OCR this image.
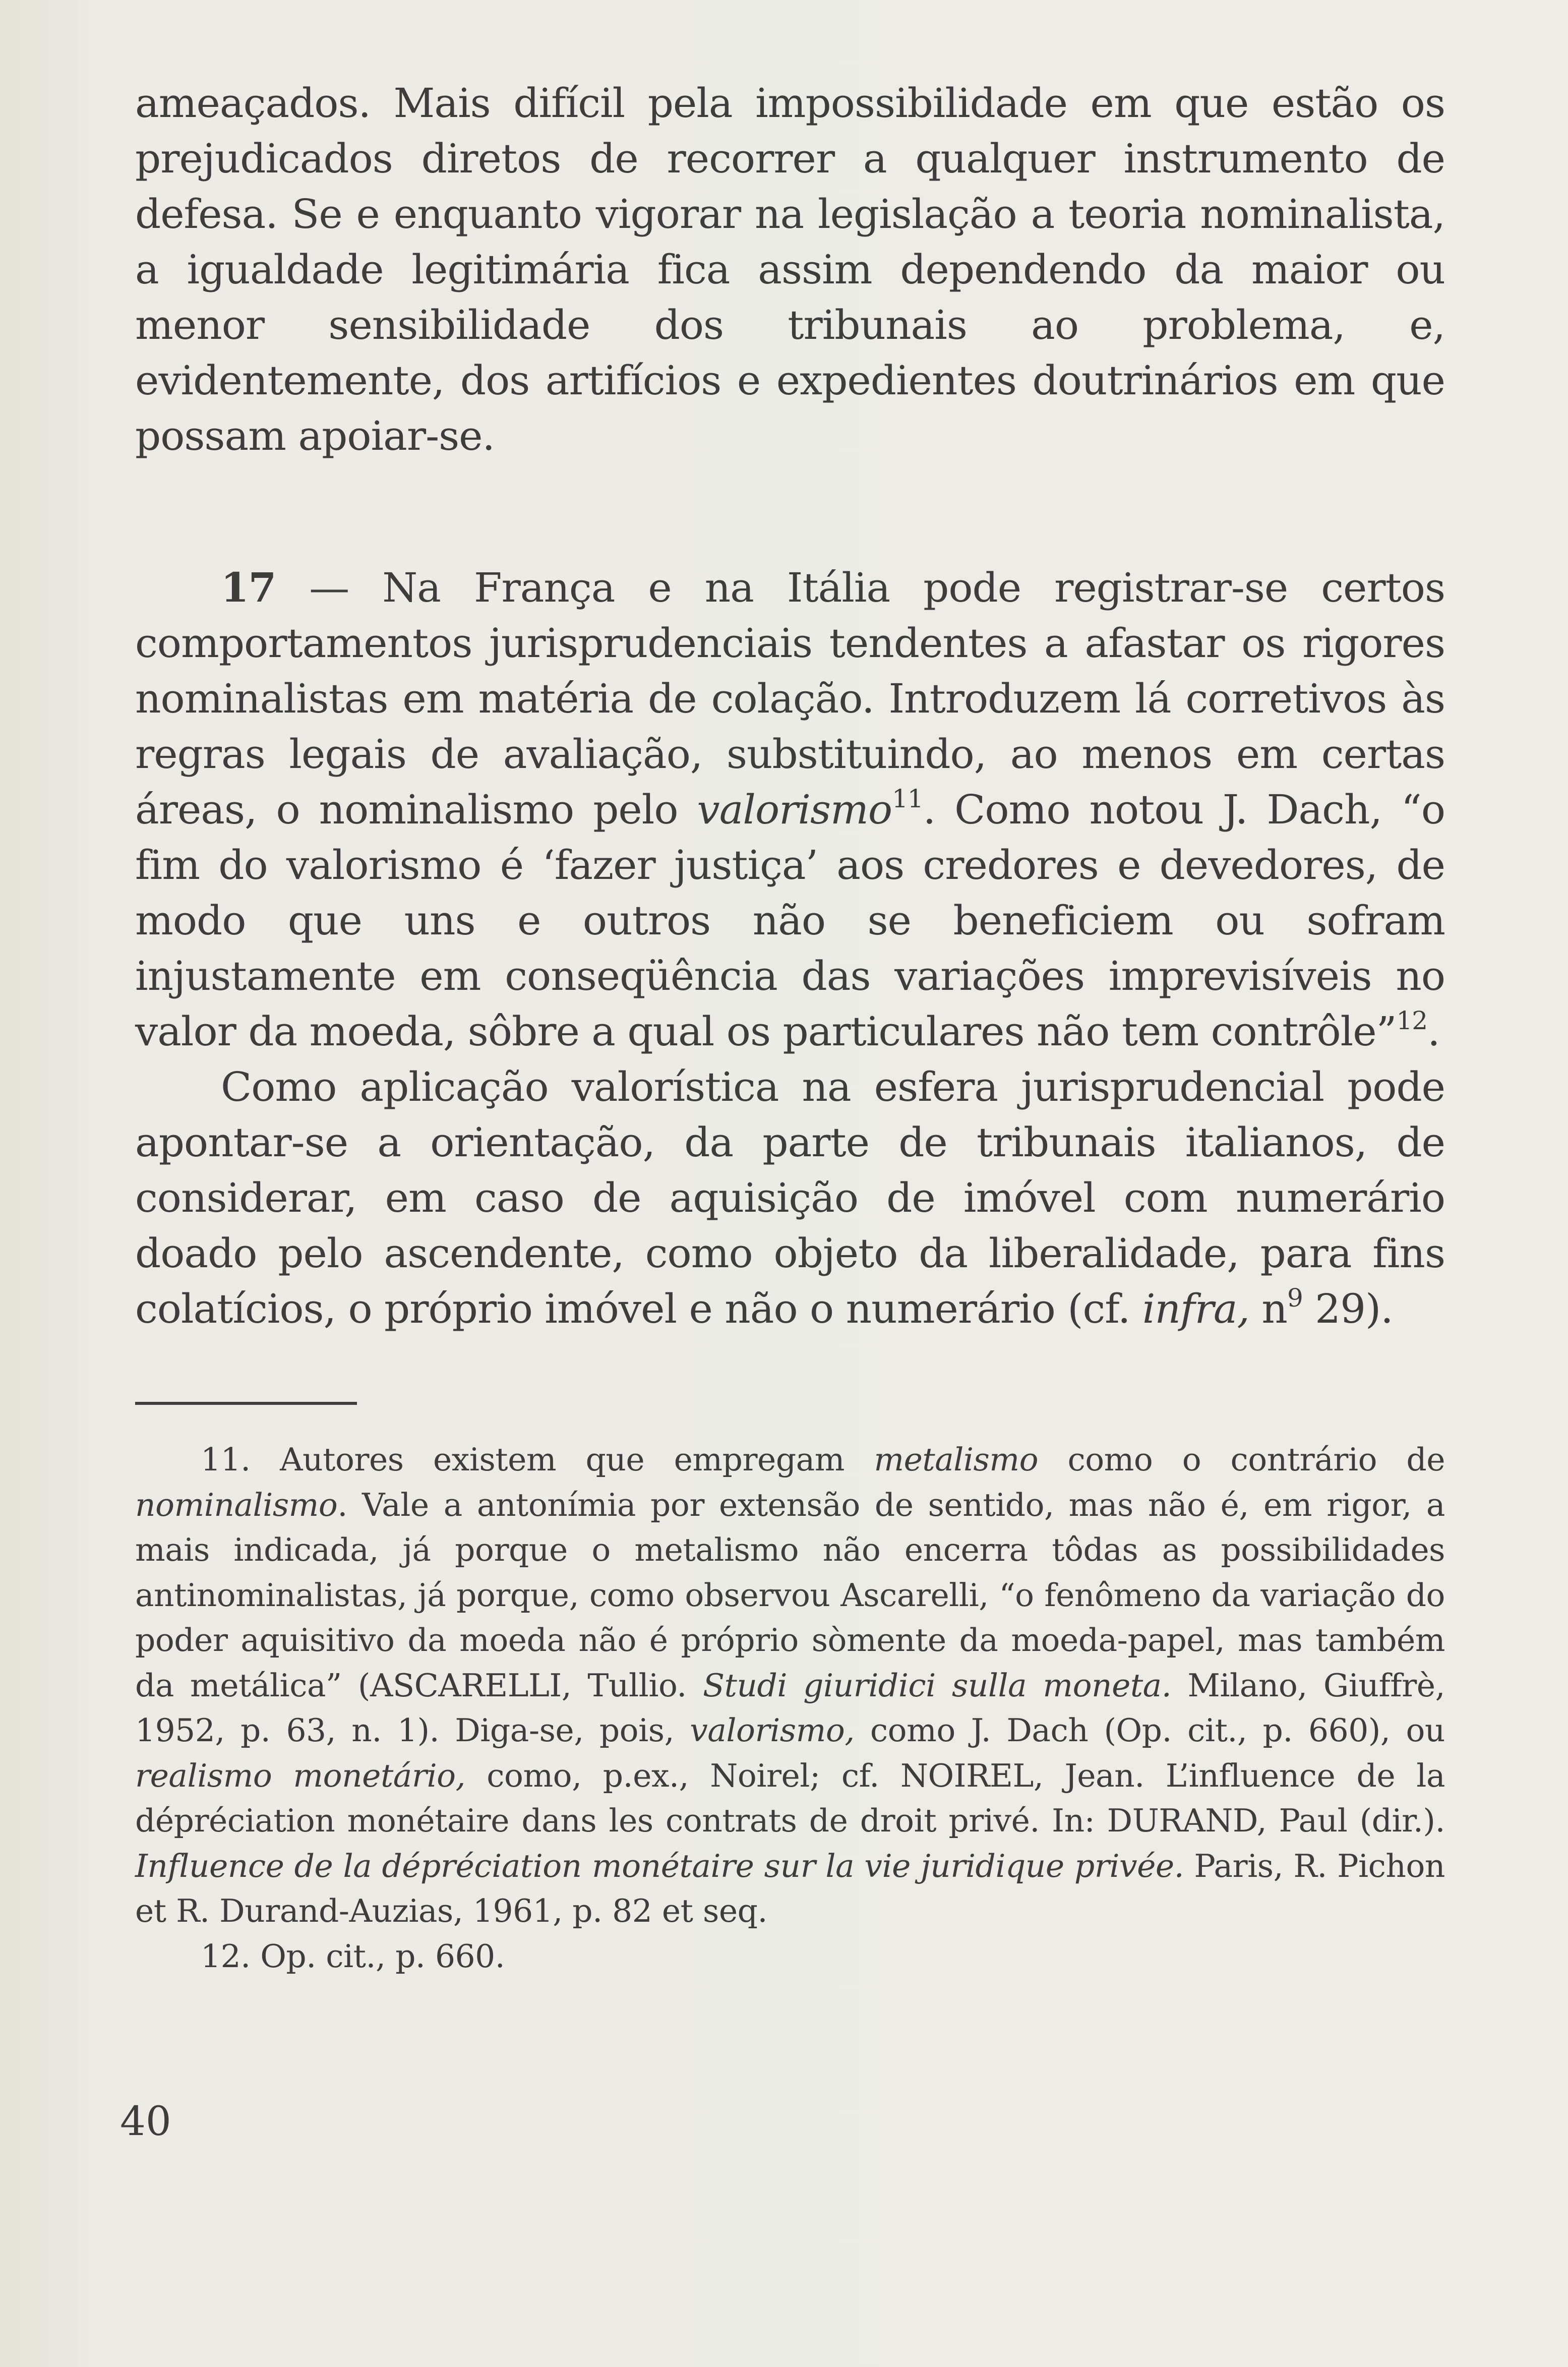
ameaçados. Mais difícil pela impossibilidade em que estão os prejudicados diretos de recorrer a qualquer instrumento de defesa. Se e enquanto vigorar na legislação a teoria nominalista, a igualdade legitimária fica assim dependendo da maior ou menor sensibilidade dos tribunais ao problema, e, evidentemente, dos artifícios e expedientes doutrinários em que possam apoiar-se.

17 — Na França e na Itália pode registrar-se certos comportamentos jurisprudenciais tendentes a afastar os rigores nominalistas em matéria de colação. Introduzem lá corretivos às regras legais de avaliação, substituindo, ao menos em certas áreas, o nominalismo pelo valorismo$^{11}$. Como notou J. Dach, “o fim do valorismo é ‘fazer justiça’ aos credores e devedores, de modo que uns e outros não se beneficiem ou sofram injustamente em conseqüência das variações imprevisíveis no valor da moeda, sôbre a qual os particulares não tem contrôle”$^{12}$.

Como aplicação valorística na esfera jurisprudencial pode apontar-se a orientação, da parte de tribunais italianos, de considerar, em caso de aquisição de imóvel com numerário doado pelo ascendente, como objeto da liberalidade, para fins colatícios, o próprio imóvel e não o numerário (cf. infra, $n^9$ 29).

11. Autores existem que empregam metalismo como o contrário de nominalismo. Vale a antonímia por extensão de sentido, mas não é, em rigor, a mais indicada, já porque o metalismo não encerra tôdas as possibilidades antinominalistas, já porque, como observou Ascarelli, “o fenômeno da variação do poder aquisitivo da moeda não é próprio sòmente da moeda-papel, mas também da metálica” (ASCARELLI, Tullio. Studi giuridici sulla moneta. Milano, Giuffrè, 1952, p. 63, n. 1). Diga-se, pois, valorismo, como J. Dach (Op. cit., p. 660), ou realismo monetário, como, p.ex., Noirel; cf. NOIREL, Jean. L’influence de la dépréciation monétaire dans les contrats de droit privé. In: DURAND, Paul (dir.). Influence de la dépréciation monétaire sur la vie juridique privée. Paris, R. Pichon et R. Durand-Auzias, 1961, p. 82 et seq.

12. Op. cit., p. 660.

40
